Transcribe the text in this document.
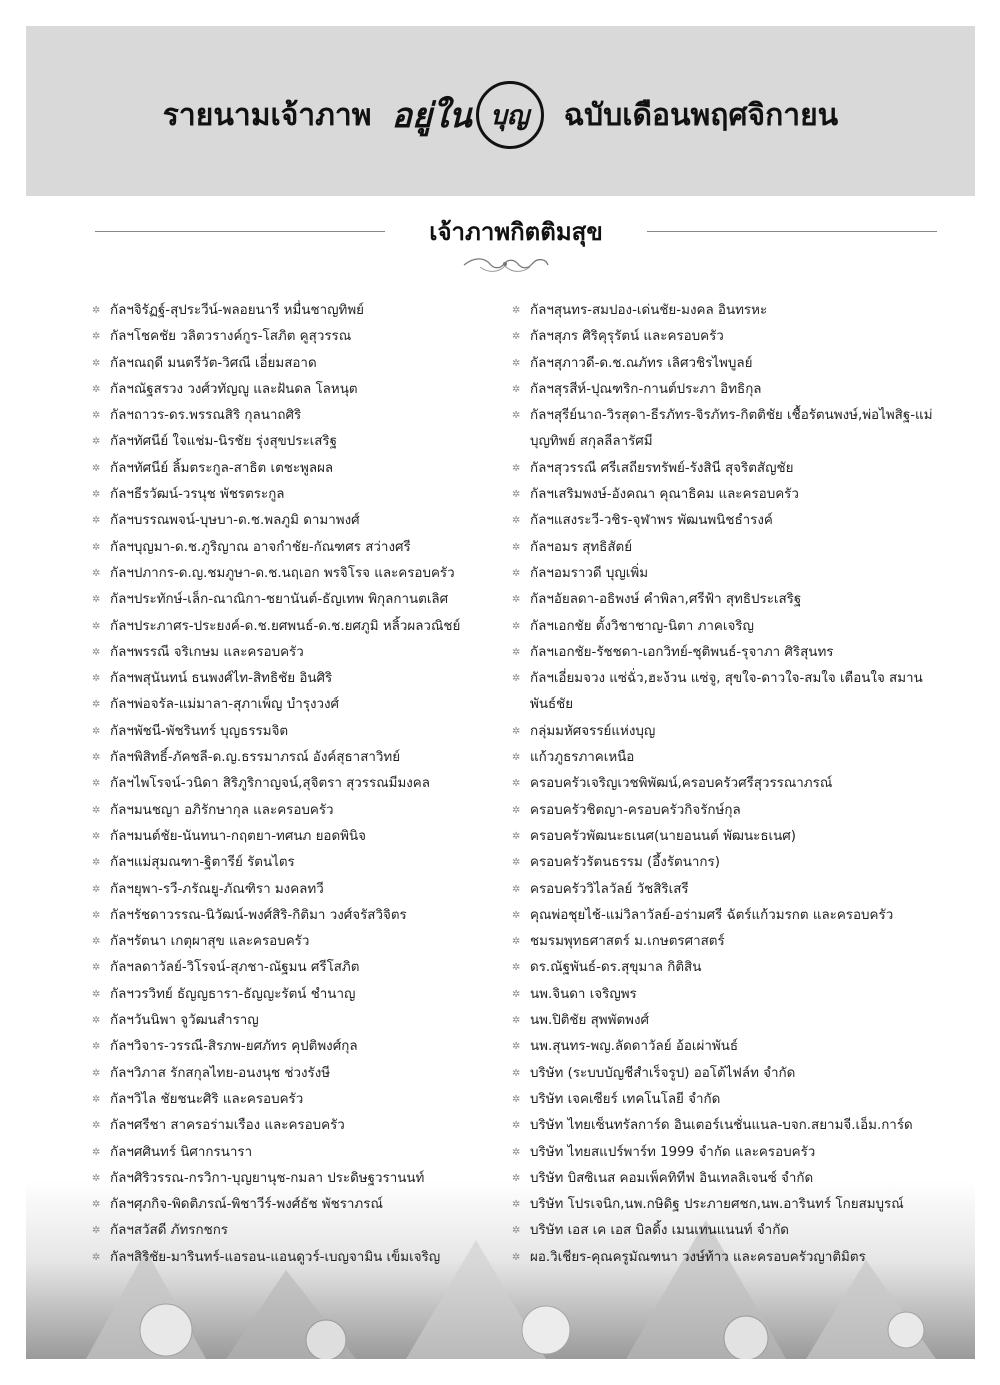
รายนามเจ้าภาพ อยู่ใน บุญ ฉบับเดือนพฤศจิกายน
เจ้าภาพกิตติมสุข
✲ กัลฯจิรัฏฐ์-สุประวีน์-พลอยนารี หมื่นชาญทิพย์
✲ กัลฯโชคชัย วลิตวรางค์กูร-โสภิต คูสุวรรณ
✲ กัลฯณฤดี มนตรีวัต-วิศณี เอี่ยมสอาด
✲ กัลฯณัฐสรวง วงศ์วทัญญู และฝันดล โลหนุต
✲ กัลฯถาวร-ดร.พรรณสิริ กุลนาถศิริ
✲ กัลฯทัศนีย์ ใจแช่ม-นิรชัย รุ่งสุขประเสริฐ
✲ กัลฯทัศนีย์ ลิ้มตระกูล-สาธิต เตชะพูลผล
✲ กัลฯธีรวัฒน์-วรนุช พัชรตระกูล
✲ กัลฯบรรณพจน์-บุษบา-ด.ช.พลภูมิ ดามาพงศ์
✲ กัลฯบุญมา-ด.ช.ภูริญาณ อาจกำชัย-กัณฑศร สว่างศรี
✲ กัลฯปภากร-ด.ญ.ชมภูษา-ด.ช.นฤเอก พรจิโรจ และครอบครัว
✲ กัลฯประทักษ์-เล็ก-ณาณิกา-ชยานันต์-ธัญเทพ พิกุลกานตเลิศ
✲ กัลฯประภาศร-ประยงค์-ด.ช.ยศพนธ์-ด.ช.ยศภูมิ หลิ้วผลวณิชย์
✲ กัลฯพรรณี จริเกษม และครอบครัว
✲ กัลฯพสุนันทน์ ธนพงศ์ไท-สิทธิชัย อินศิริ
✲ กัลฯพ่อจรัล-แม่มาลา-สุภาเพ็ญ บำรุงวงศ์
✲ กัลฯพัชนี-พัชรินทร์ บุญธรรมจิต
✲ กัลฯพิสิทธิ์-ภัคชลี-ด.ญ.ธรรมาภรณ์ อังค์สุธาสาวิทย์
✲ กัลฯไพโรจน์-วนิดา สิริภูริกาญจน์,สุจิตรา สุวรรณมีมงคล
✲ กัลฯมนชญา อภิรักษากุล และครอบครัว
✲ กัลฯมนต์ชัย-นันทนา-กฤตยา-ทศนภ ยอดพินิจ
✲ กัลฯแม่สุมณฑา-ฐิตารีย์ รัตนไตร
✲ กัลฯยุพา-รวี-ภรัณยู-ภัณฑิรา มงคลทวี
✲ กัลฯรัชดาวรรณ-นิวัฒน์-พงศ์สิริ-กิติมา วงศ์จรัสวิจิตร
✲ กัลฯรัตนา เกตุผาสุข และครอบครัว
✲ กัลฯลดาวัลย์-วิโรจน์-สุภชา-ณัฐมน ศรีโสภิต
✲ กัลฯวรวิทย์ ธัญญธารา-ธัญญะรัตน์ ชำนาญ
✲ กัลฯวันนิพา จูวัฒนสำราญ
✲ กัลฯวิจาร-วรรณี-สิรภพ-ยศภัทร คุปติพงศ์กุล
✲ กัลฯวิภาส รักสกุลไทย-อนงนุช ช่วงรังษี
✲ กัลฯวิไล ชัยชนะศิริ และครอบครัว
✲ กัลฯศรีชา สาครอร่ามเรือง และครอบครัว
✲ กัลฯศศินทร์ นิศากรนารา
✲ กัลฯศิริวรรณ-กรวิกา-บุญยานุช-กมลา ประดิษฐวรานนท์
✲ กัลฯศุภกิจ-พิดติภรณ์-พิชาวีร์-พงศ์ธัช พัชราภรณ์
✲ กัลฯสวัสดี ภัทรกชกร
✲ กัลฯสิริชัย-มารินทร์-แอรอน-แอนดูวร์-เบญจามิน เข็มเจริญ
✲ กัลฯสุนทร-สมปอง-เด่นชัย-มงคล อินทรหะ
✲ กัลฯสุภร ศิริคุรุรัตน์ และครอบครัว
✲ กัลฯสุภาวดี-ด.ช.ณภัทร เลิศวชิรไพบูลย์
✲ กัลฯสุรสีห์-ปุณฑริก-กานต์ประภา อิทธิกุล
✲ กัลฯสุรีย์นาถ-วิรสุดา-ธีรภัทร-จิรภัทร-กิตติชัย เชื้อรัตนพงษ์,พ่อไพสิฐ-แม่บุญทิพย์ สกุลลีลารัศมี
✲ กัลฯสุวรรณี ศรีเสถียรทรัพย์-รังสินี สุจริตสัญชัย
✲ กัลฯเสริมพงษ์-อังคณา คุณาธิคม และครอบครัว
✲ กัลฯแสงระวี-วชิร-จุฬาพร พัฒนพนิชธำรงค์
✲ กัลฯอมร สุทธิสัตย์
✲ กัลฯอมราวดี บุญเพิ่ม
✲ กัลฯอัยลดา-อธิพงษ์ คำพิลา,ศรีฟ้า สุทธิประเสริฐ
✲ กัลฯเอกชัย ตั้งวิชาชาญ-นิตา ภาคเจริญ
✲ กัลฯเอกชัย-รัชชดา-เอกวิทย์-ชุติพนธ์-รุจาภา ศิริสุนทร
✲ กัลฯเอี่ยมจวง แซ่ฉั่ว,ฮะง้วน แซ่จู, สุขใจ-ดาวใจ-สมใจ เตือนใจ สมานพันธ์ชัย
✲ กลุ่มมหัศจรรย์แห่งบุญ
✲ แก้วภูธรภาคเหนือ
✲ ครอบครัวเจริญเวชพิพัฒน์,ครอบครัวศรีสุวรรณาภรณ์
✲ ครอบครัวชิตญา-ครอบครัวกิจรักษ์กุล
✲ ครอบครัวพัฒนะธเนศ(นายอนนต์ พัฒนะธเนศ)
✲ ครอบครัวรัตนธรรม (อึ้งรัตนากร)
✲ ครอบครัววิไลวัลย์ วัชสิริเสรี
✲ คุณพ่อชุยไช้-แม่วิลาวัลย์-อร่ามศรี ฉัตร์แก้วมรกต และครอบครัว
✲ ชมรมพุทธศาสตร์ ม.เกษตรศาสตร์
✲ ดร.ณัฐพันธ์-ดร.สุขุมาล กิติสิน
✲ นพ.จินดา เจริญพร
✲ นพ.ปิติชัย สุพพัตพงศ์
✲ นพ.สุนทร-พญ.ลัดดาวัลย์ อ้อเผ่าพันธ์
✲ บริษัท (ระบบบัญชีสำเร็จรูป) ออโต้ไฟล์ท จำกัด
✲ บริษัท เจคเซียร์ เทคโนโลยี จำกัด
✲ บริษัท ไทยเซ็นทรัลการ์ด อินเตอร์เนชั่นแนล-บจก.สยามจี.เอ็ม.การ์ด
✲ บริษัท ไทยสแปร์พาร์ท 1999 จำกัด และครอบครัว
✲ บริษัท บิสซิเนส คอมเพ็คทิทีฟ อินเทลลิเจนซ์ จำกัด
✲ บริษัท โปรเจนิก,นพ.กษิดิฐ ประภายศชก,นพ.อารินทร์ โกยสมบูรณ์
✲ บริษัท เอส เค เอส บิลดิ้ง เมนเทนแนนท์ จำกัด
✲ ผอ.วิเชียร-คุณครูมัณฑนา วงษ์ท้าว และครอบครัวญาติมิตร
